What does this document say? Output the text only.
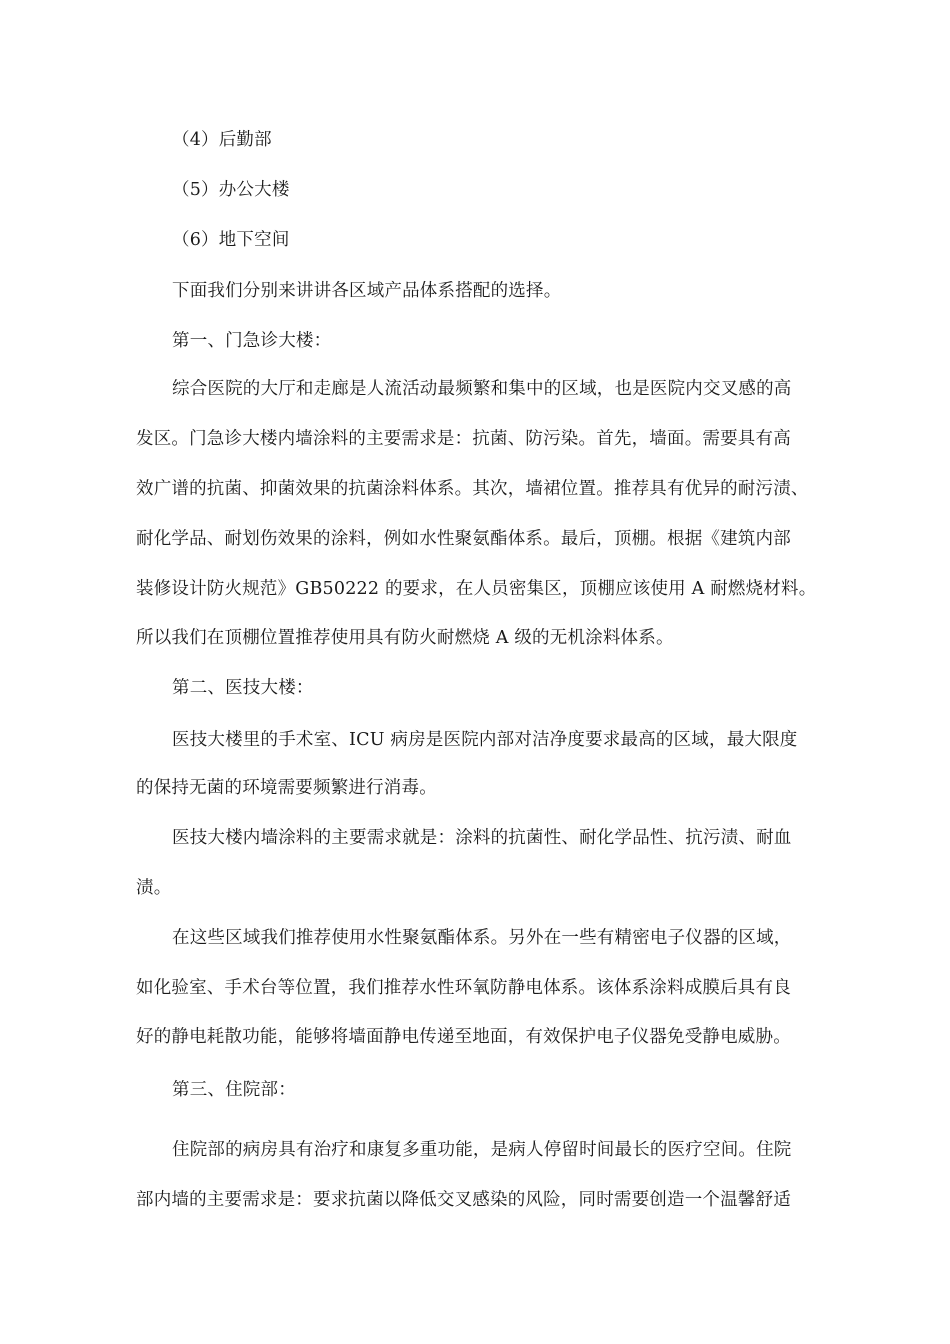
（4）后勤部
（5）办公大楼
（6）地下空间
下面我们分别来讲讲各区域产品体系搭配的选择。
第一、门急诊大楼：
综合医院的大厅和走廊是人流活动最频繁和集中的区域，也是医院内交叉感的高
发区。门急诊大楼内墙涂料的主要需求是：抗菌、防污染。首先，墙面。需要具有高
效广谱的抗菌、抑菌效果的抗菌涂料体系。其次，墙裙位置。推荐具有优异的耐污渍、
耐化学品、耐划伤效果的涂料，例如水性聚氨酯体系。最后，顶棚。根据《建筑内部
装修设计防火规范》GB50222 的要求，在人员密集区，顶棚应该使用 A 耐燃烧材料。
所以我们在顶棚位置推荐使用具有防火耐燃烧 A 级的无机涂料体系。
第二、医技大楼：
医技大楼里的手术室、ICU 病房是医院内部对洁净度要求最高的区域，最大限度
的保持无菌的环境需要频繁进行消毒。
医技大楼内墙涂料的主要需求就是：涂料的抗菌性、耐化学品性、抗污渍、耐血
渍。
在这些区域我们推荐使用水性聚氨酯体系。另外在一些有精密电子仪器的区域，
如化验室、手术台等位置，我们推荐水性环氧防静电体系。该体系涂料成膜后具有良
好的静电耗散功能，能够将墙面静电传递至地面，有效保护电子仪器免受静电威胁。
第三、住院部：
住院部的病房具有治疗和康复多重功能，是病人停留时间最长的医疗空间。住院
部内墙的主要需求是：要求抗菌以降低交叉感染的风险，同时需要创造一个温馨舒适
